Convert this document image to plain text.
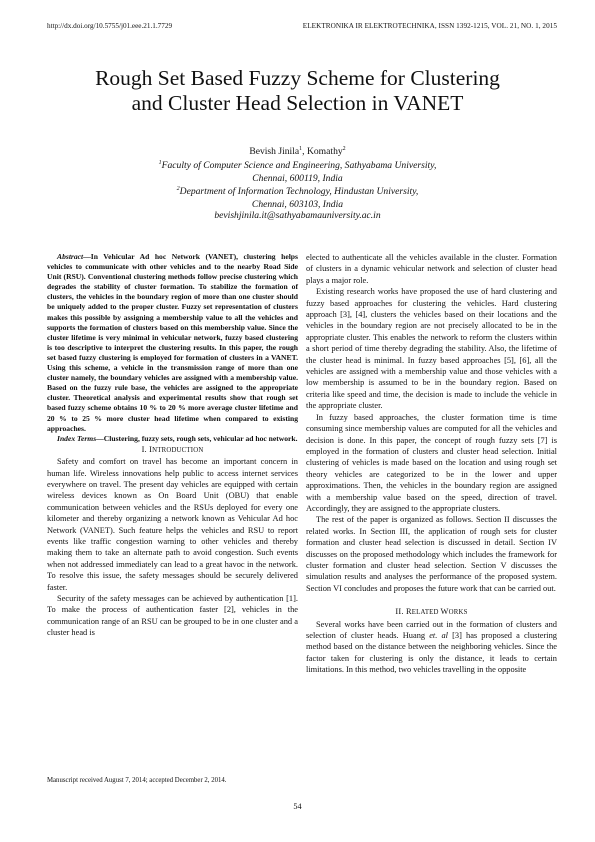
http://dx.doi.org/10.5755/j01.eee.21.1.7729	ELEKTRONIKA IR ELEKTROTECHNIKA, ISSN 1392-1215, VOL. 21, NO. 1, 2015
Rough Set Based Fuzzy Scheme for Clustering
and Cluster Head Selection in VANET
Bevish Jinila$^1$, Komathy$^2$
$^1$Faculty of Computer Science and Engineering, Sathyabama University,
Chennai, 600119, India
$^2$Department of Information Technology, Hindustan University,
Chennai, 603103, India
bevishjinila.it@sathyabamauniversity.ac.in

Abstract—In Vehicular Ad hoc Network (VANET), clustering helps vehicles to communicate with other vehicles and to the nearby Road Side Unit (RSU). Conventional clustering methods follow precise clustering which degrades the stability of cluster formation. To stabilize the formation of clusters, the vehicles in the boundary region of more than one cluster should be uniquely added to the proper cluster. Fuzzy set representation of clusters makes this possible by assigning a membership value to all the vehicles and supports the formation of clusters based on this membership value. Since the cluster lifetime is very minimal in vehicular network, fuzzy based clustering is too descriptive to interpret the clustering results. In this paper, the rough set based fuzzy clustering is employed for formation of clusters in a VANET. Using this scheme, a vehicle in the transmission range of more than one cluster namely, the boundary vehicles are assigned with a membership value. Based on the fuzzy rule base, the vehicles are assigned to the appropriate cluster. Theoretical analysis and experimental results show that rough set based fuzzy scheme obtains 10 % to 20 % more average cluster lifetime and 20 % to 25 % more cluster head lifetime when compared to existing approaches.

Index Terms—Clustering, fuzzy sets, rough sets, vehicular ad hoc network.

I. INTRODUCTION

Safety and comfort on travel has become an important concern in human life. Wireless innovations help public to access internet services everywhere on travel. The present day vehicles are equipped with certain wireless devices known as On Board Unit (OBU) that enable communication between vehicles and the RSUs deployed for every one kilometer and thereby organizing a network known as Vehicular Ad hoc Network (VANET). Such feature helps the vehicles and RSU to report events like traffic congestion warning to other vehicles and thereby making them to take an alternate path to avoid congestion. Such events when not addressed immediately can lead to a great havoc in the network. To resolve this issue, the safety messages should be securely delivered faster.

Security of the safety messages can be achieved by authentication [1]. To make the process of authentication faster [2], vehicles in the communication range of an RSU can be grouped to be in one cluster and a cluster head is

elected to authenticate all the vehicles available in the cluster. Formation of clusters in a dynamic vehicular network and selection of cluster head plays a major role.

Existing research works have proposed the use of hard clustering and fuzzy based approaches for clustering the vehicles. Hard clustering approach [3], [4], clusters the vehicles based on their locations and the vehicles in the boundary region are not precisely allocated to be in the appropriate cluster. This enables the network to reform the clusters within a short period of time thereby degrading the stability. Also, the lifetime of the cluster head is minimal. In fuzzy based approaches [5], [6], all the vehicles are assigned with a membership value and those vehicles with a low membership is assumed to be in the boundary region. Based on criteria like speed and time, the decision is made to include the vehicle in the appropriate cluster.

In fuzzy based approaches, the cluster formation time is time consuming since membership values are computed for all the vehicles and decision is done. In this paper, the concept of rough fuzzy sets [7] is employed in the formation of clusters and cluster head selection. Initial clustering of vehicles is made based on the location and using rough set theory vehicles are categorized to be in the lower and upper approximations. Then, the vehicles in the boundary region are assigned with a membership value based on the speed, direction of travel. Accordingly, they are assigned to the appropriate clusters.

The rest of the paper is organized as follows. Section II discusses the related works. In Section III, the application of rough sets for cluster formation and cluster head selection is discussed in detail. Section IV discusses on the proposed methodology which includes the framework for cluster formation and cluster head selection. Section V discusses the simulation results and analyses the performance of the proposed system. Section VI concludes and proposes the future work that can be carried out.

II. RELATED WORKS

Several works have been carried out in the formation of clusters and selection of cluster heads. Huang et. al [3] has proposed a clustering method based on the distance between the neighboring vehicles. Since the factor taken for clustering is only the distance, it leads to certain limitations. In this method, two vehicles travelling in the opposite

Manuscript received August 7, 2014; accepted December 2, 2014.
54
